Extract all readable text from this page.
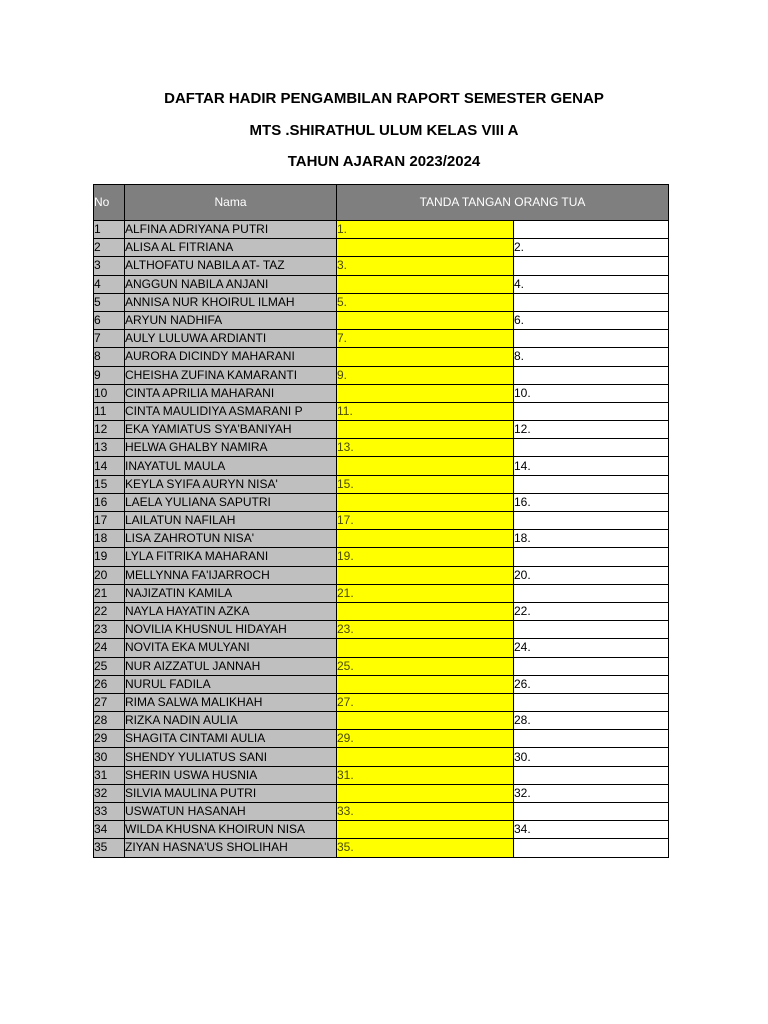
DAFTAR HADIR PENGAMBILAN RAPORT SEMESTER GENAP
MTS .SHIRATHUL ULUM KELAS VIII A
TAHUN AJARAN 2023/2024
No	Nama	TANDA TANGAN ORANG TUA	
1	ALFINA ADRIYANA PUTRI	1.	
2	ALISA AL FITRIANA		2.
3	ALTHOFATU NABILA AT- TAZ	3.	
4	ANGGUN NABILA ANJANI		4.
5	ANNISA NUR KHOIRUL ILMAH	5.	
6	ARYUN NADHIFA		6.
7	AULY LULUWA ARDIANTI	7.	
8	AURORA DICINDY MAHARANI		8.
9	CHEISHA ZUFINA KAMARANTI	9.	
10	CINTA APRILIA MAHARANI		10.
11	CINTA MAULIDIYA ASMARANI P	11.	
12	EKA YAMIATUS SYA'BANIYAH		12.
13	HELWA GHALBY NAMIRA	13.	
14	INAYATUL MAULA		14.
15	KEYLA SYIFA AURYN NISA'	15.	
16	LAELA YULIANA SAPUTRI		16.
17	LAILATUN NAFILAH	17.	
18	LISA ZAHROTUN NISA'		18.
19	LYLA FITRIKA MAHARANI	19.	
20	MELLYNNA FA'IJARROCH		20.
21	NAJIZATIN KAMILA	21.	
22	NAYLA HAYATIN AZKA		22.
23	NOVILIA KHUSNUL HIDAYAH	23.	
24	NOVITA EKA MULYANI		24.
25	NUR AIZZATUL JANNAH	25.	
26	NURUL FADILA		26.
27	RIMA SALWA MALIKHAH	27.	
28	RIZKA NADIN AULIA		28.
29	SHAGITA CINTAMI AULIA	29.	
30	SHENDY YULIATUS SANI		30.
31	SHERIN USWA HUSNIA	31.	
32	SILVIA MAULINA PUTRI		32.
33	USWATUN HASANAH	33.	
34	WILDA KHUSNA KHOIRUN NISA		34.
35	ZIYAN HASNA'US SHOLIHAH	35.	
